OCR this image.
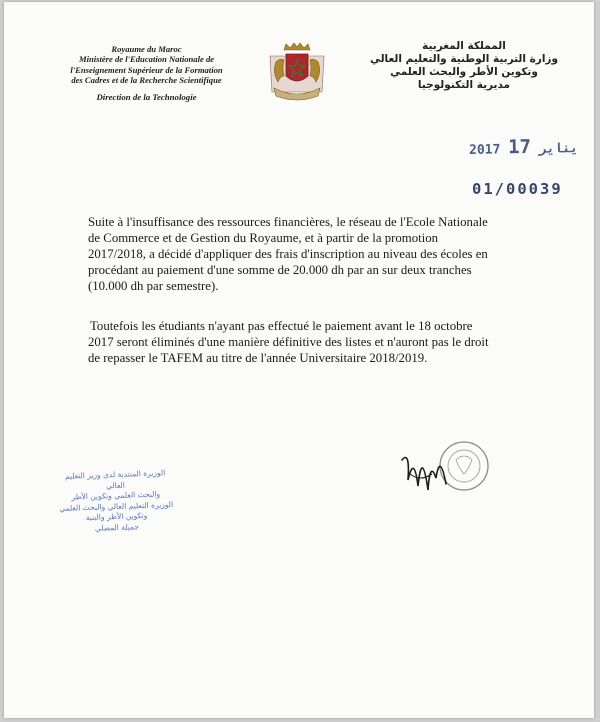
Royaume du Maroc
Ministère de l'Education Nationale de
l'Enseignement Supérieur de la Formation
des Cadres et de la Recherche Scientifique
Direction de la Technologie
المملكة المغربية
وزارة التربية الوطنية والتعليم العالي
وتكوين الأطر والبحث العلمي
مديرية التكنولوجيا
2017	يناير 17
01/00039

Suite à l'insuffisance des ressources financières, le réseau de l'Ecole Nationale de Commerce et de Gestion du Royaume, et à partir de la promotion 2017/2018, a décidé d'appliquer des frais d'inscription au niveau des écoles en procédant au paiement d'une somme de 20.000 dh par an sur deux tranches (10.000 dh par semestre).

Toutefois les étudiants n'ayant pas effectué le paiement avant le 18 octobre 2017 seront éliminés d'une manière définitive des listes et n'auront pas le droit de repasser le TAFEM au titre de l'année Universitaire 2018/2019.

الوزيرة المنتدبة لدى وزير التعليم العالي
والبحث العلمي وتكوين الأطر
الوزيرة التعليم العالي والبحث العلمي
وتكوين الأطر والبنية
جميلة المصلي
